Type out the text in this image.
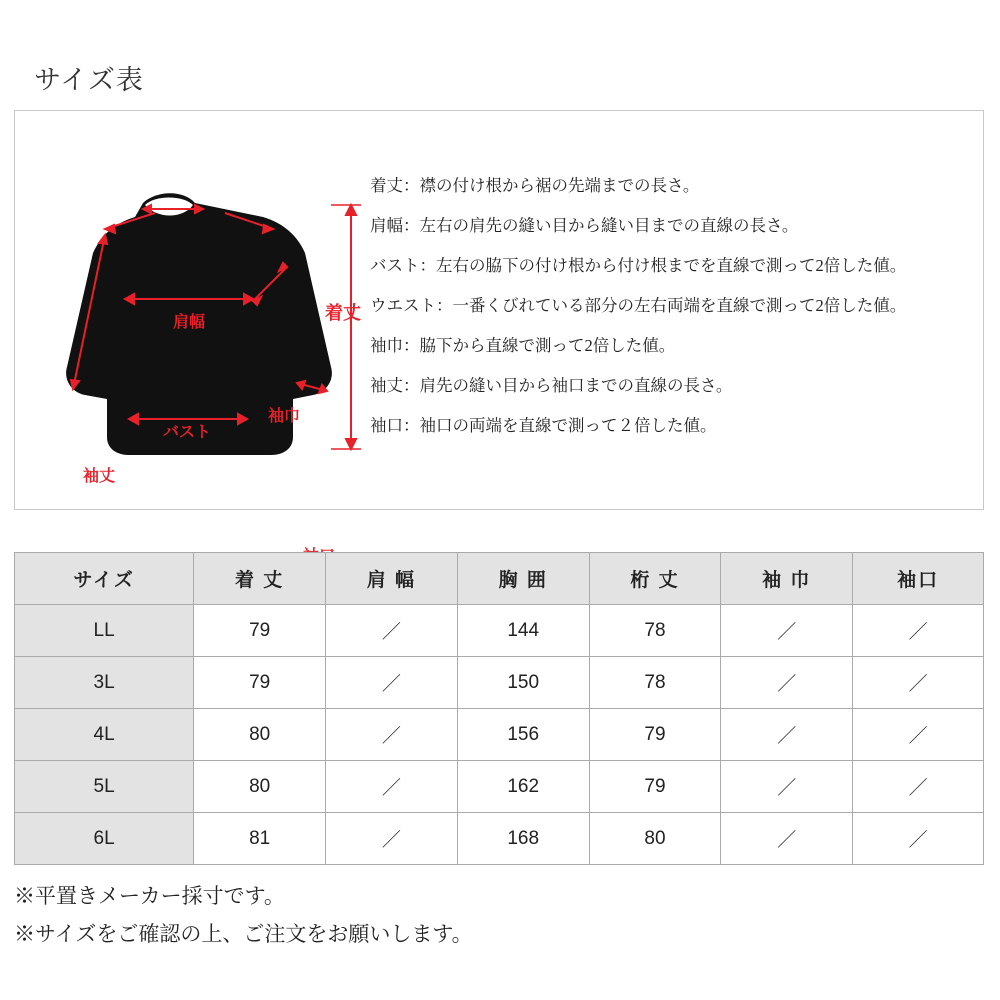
サイズ表
肩幅	着丈
バスト
袖巾
袖丈
着丈：襟の付け根から裾の先端までの長さ。
肩幅：左右の肩先の縫い目から縫い目までの直線の長さ。
バスト：左右の脇下の付け根から付け根までを直線で測って2倍した値。
ウエスト：一番くびれている部分の左右両端を直線で測って2倍した値。
袖巾：脇下から直線で測って2倍した値。
袖丈：肩先の縫い目から袖口までの直線の長さ。
袖口：袖口の両端を直線で測って２倍した値。
サイズ	着 丈	肩 幅	胸 囲	桁 丈	袖 巾	袖口
LL	79	／	144	78	／	／
3L	79	／	150	78	／	／
4L	80	／	156	79	／	／
5L	80	／	162	79	／	／
6L	81	／	168	80	／	／
※平置きメーカー採寸です。
※サイズをご確認の上、ご注文をお願いします。
